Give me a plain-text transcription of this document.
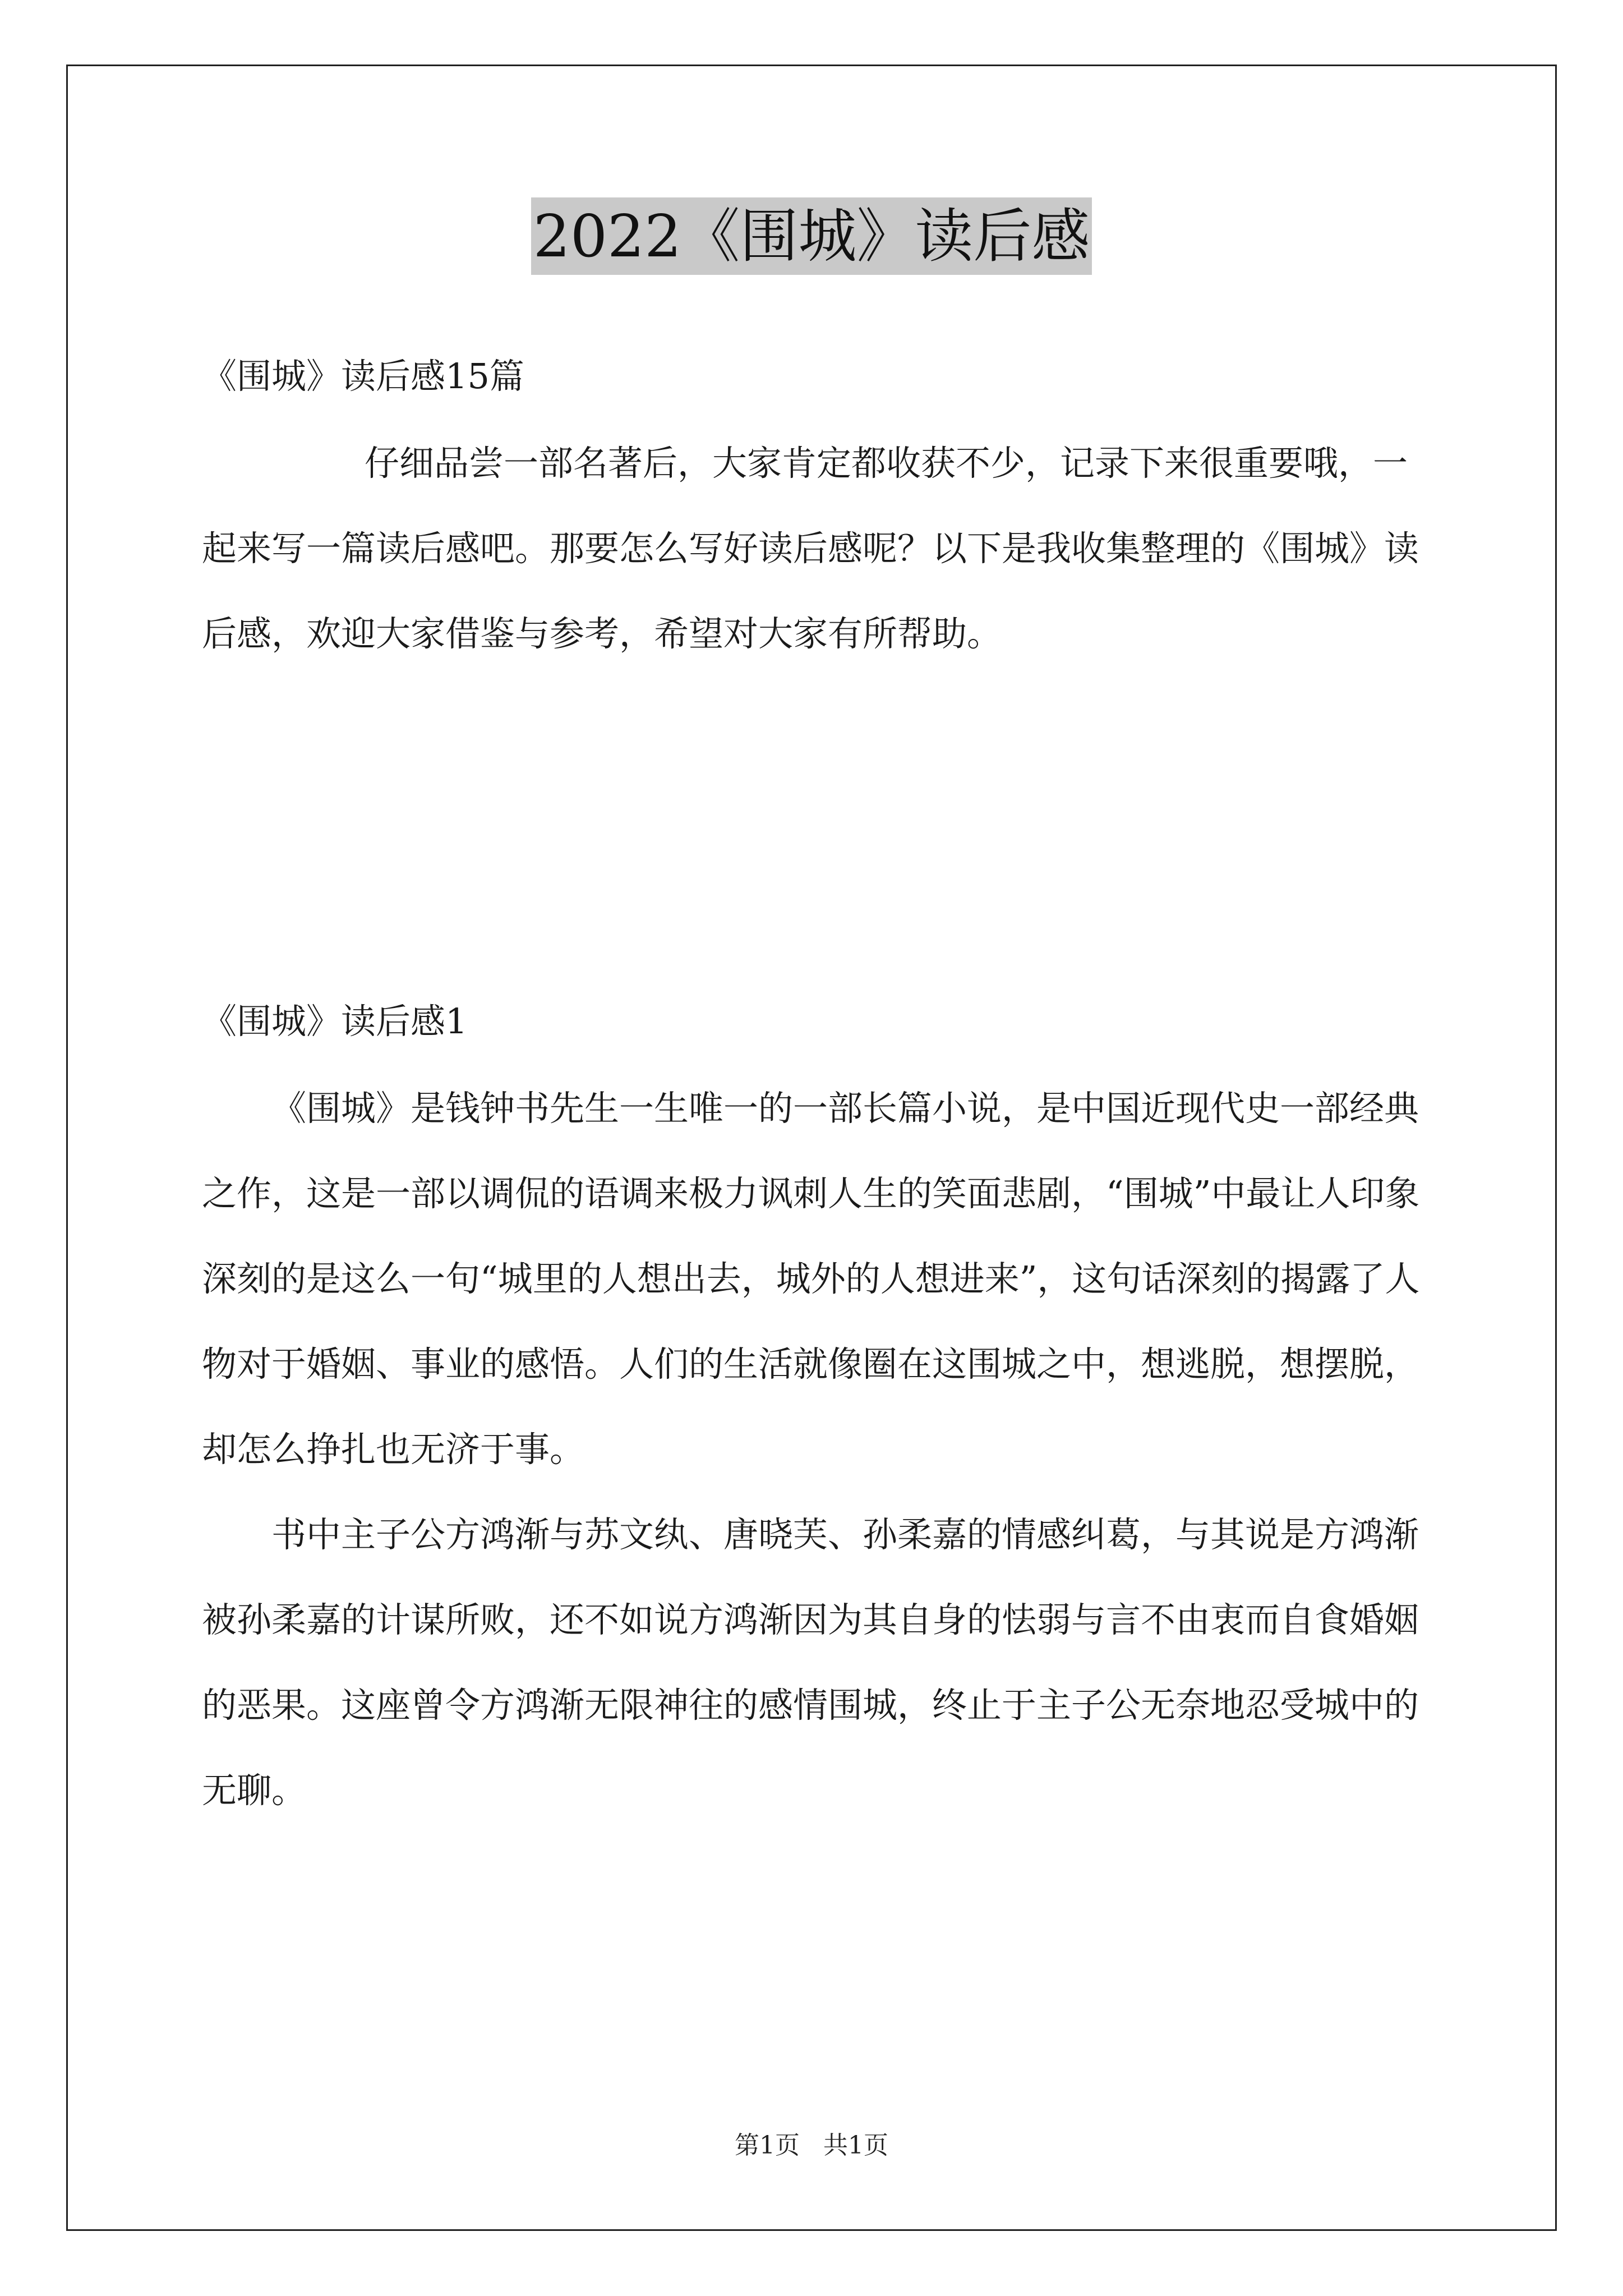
2022《围城》读后感

《围城》读后感15篇

仔细品尝一部名著后，大家肯定都收获不少，记录下来很重要哦，一起来写一篇读后感吧。那要怎么写好读后感呢？以下是我收集整理的《围城》读后感，欢迎大家借鉴与参考，希望对大家有所帮助。

《围城》读后感1

《围城》是钱钟书先生一生唯一的一部长篇小说，是中国近现代史一部经典之作，这是一部以调侃的语调来极力讽刺人生的笑面悲剧，“围城”中最让人印象深刻的是这么一句“城里的人想出去，城外的人想进来”，这句话深刻的揭露了人物对于婚姻、事业的感悟。人们的生活就像圈在这围城之中，想逃脱，想摆脱，却怎么挣扎也无济于事。

书中主子公方鸿渐与苏文纨、唐晓芙、孙柔嘉的情感纠葛，与其说是方鸿渐被孙柔嘉的计谋所败，还不如说方鸿渐因为其自身的怯弱与言不由衷而自食婚姻的恶果。这座曾令方鸿渐无限神往的感情围城，终止于主子公无奈地忍受城中的无聊。

第1页   共1页
